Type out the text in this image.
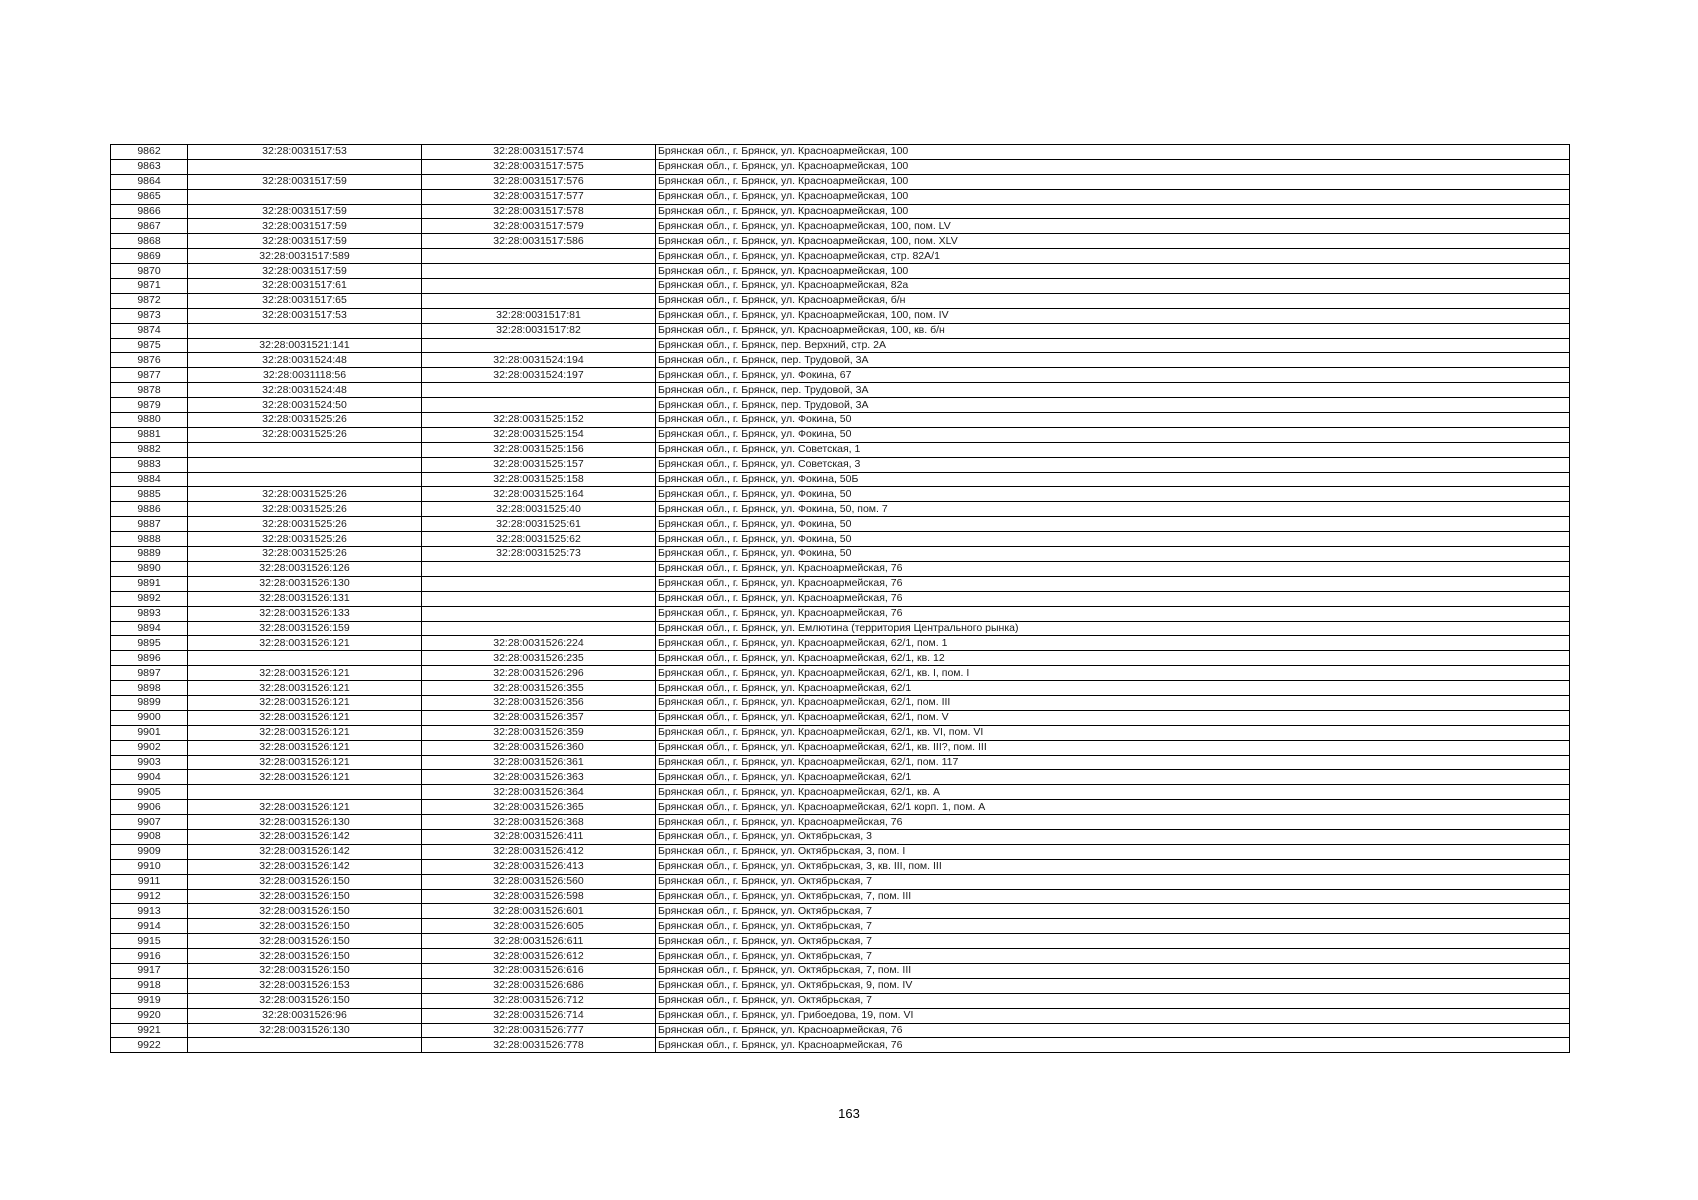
9862	32:28:0031517:53	32:28:0031517:574	Брянская обл., г. Брянск, ул. Красноармейская, 100
9863		32:28:0031517:575	Брянская обл., г. Брянск, ул. Красноармейская, 100
9864	32:28:0031517:59	32:28:0031517:576	Брянская обл., г. Брянск, ул. Красноармейская, 100
9865		32:28:0031517:577	Брянская обл., г. Брянск, ул. Красноармейская, 100
9866	32:28:0031517:59	32:28:0031517:578	Брянская обл., г. Брянск, ул. Красноармейская, 100
9867	32:28:0031517:59	32:28:0031517:579	Брянская обл., г. Брянск, ул. Красноармейская, 100, пом. LV
9868	32:28:0031517:59	32:28:0031517:586	Брянская обл., г. Брянск, ул. Красноармейская, 100, пом. XLV
9869	32:28:0031517:589		Брянская обл., г. Брянск, ул. Красноармейская, стр. 82А/1
9870	32:28:0031517:59		Брянская обл., г. Брянск, ул. Красноармейская, 100
9871	32:28:0031517:61		Брянская обл., г. Брянск, ул. Красноармейская, 82а
9872	32:28:0031517:65		Брянская обл., г. Брянск, ул. Красноармейская, б/н
9873	32:28:0031517:53	32:28:0031517:81	Брянская обл., г. Брянск, ул. Красноармейская, 100, пом. IV
9874		32:28:0031517:82	Брянская обл., г. Брянск, ул. Красноармейская, 100, кв. б/н
9875	32:28:0031521:141		Брянская обл., г. Брянск, пер. Верхний, стр. 2А
9876	32:28:0031524:48	32:28:0031524:194	Брянская обл., г. Брянск, пер. Трудовой, 3А
9877	32:28:0031118:56	32:28:0031524:197	Брянская обл., г. Брянск, ул. Фокина, 67
9878	32:28:0031524:48		Брянская обл., г. Брянск, пер. Трудовой, 3А
9879	32:28:0031524:50		Брянская обл., г. Брянск, пер. Трудовой, 3А
9880	32:28:0031525:26	32:28:0031525:152	Брянская обл., г. Брянск, ул. Фокина, 50
9881	32:28:0031525:26	32:28:0031525:154	Брянская обл., г. Брянск, ул. Фокина, 50
9882		32:28:0031525:156	Брянская обл., г. Брянск, ул. Советская, 1
9883		32:28:0031525:157	Брянская обл., г. Брянск, ул. Советская, 3
9884		32:28:0031525:158	Брянская обл., г. Брянск, ул. Фокина, 50Б
9885	32:28:0031525:26	32:28:0031525:164	Брянская обл., г. Брянск, ул. Фокина, 50
9886	32:28:0031525:26	32:28:0031525:40	Брянская обл., г. Брянск, ул. Фокина, 50, пом. 7
9887	32:28:0031525:26	32:28:0031525:61	Брянская обл., г. Брянск, ул. Фокина, 50
9888	32:28:0031525:26	32:28:0031525:62	Брянская обл., г. Брянск, ул. Фокина, 50
9889	32:28:0031525:26	32:28:0031525:73	Брянская обл., г. Брянск, ул. Фокина, 50
9890	32:28:0031526:126		Брянская обл., г. Брянск, ул. Красноармейская, 76
9891	32:28:0031526:130		Брянская обл., г. Брянск, ул. Красноармейская, 76
9892	32:28:0031526:131		Брянская обл., г. Брянск, ул. Красноармейская, 76
9893	32:28:0031526:133		Брянская обл., г. Брянск, ул. Красноармейская, 76
9894	32:28:0031526:159		Брянская обл., г. Брянск, ул. Емлютина (территория Центрального рынка)
9895	32:28:0031526:121	32:28:0031526:224	Брянская обл., г. Брянск, ул. Красноармейская, 62/1, пом. 1
9896		32:28:0031526:235	Брянская обл., г. Брянск, ул. Красноармейская, 62/1, кв. 12
9897	32:28:0031526:121	32:28:0031526:296	Брянская обл., г. Брянск, ул. Красноармейская, 62/1, кв. I, пом. I
9898	32:28:0031526:121	32:28:0031526:355	Брянская обл., г. Брянск, ул. Красноармейская, 62/1
9899	32:28:0031526:121	32:28:0031526:356	Брянская обл., г. Брянск, ул. Красноармейская, 62/1, пом. III
9900	32:28:0031526:121	32:28:0031526:357	Брянская обл., г. Брянск, ул. Красноармейская, 62/1, пом. V
9901	32:28:0031526:121	32:28:0031526:359	Брянская обл., г. Брянск, ул. Красноармейская, 62/1, кв. VI, пом. VI
9902	32:28:0031526:121	32:28:0031526:360	Брянская обл., г. Брянск, ул. Красноармейская, 62/1, кв. III?, пом. III
9903	32:28:0031526:121	32:28:0031526:361	Брянская обл., г. Брянск, ул. Красноармейская, 62/1, пом. 117
9904	32:28:0031526:121	32:28:0031526:363	Брянская обл., г. Брянск, ул. Красноармейская, 62/1
9905		32:28:0031526:364	Брянская обл., г. Брянск, ул. Красноармейская, 62/1, кв. А
9906	32:28:0031526:121	32:28:0031526:365	Брянская обл., г. Брянск, ул. Красноармейская, 62/1 корп. 1, пом. А
9907	32:28:0031526:130	32:28:0031526:368	Брянская обл., г. Брянск, ул. Красноармейская, 76
9908	32:28:0031526:142	32:28:0031526:411	Брянская обл., г. Брянск, ул. Октябрьская, 3
9909	32:28:0031526:142	32:28:0031526:412	Брянская обл., г. Брянск, ул. Октябрьская, 3, пом. I
9910	32:28:0031526:142	32:28:0031526:413	Брянская обл., г. Брянск, ул. Октябрьская, 3, кв. III, пом. III
9911	32:28:0031526:150	32:28:0031526:560	Брянская обл., г. Брянск, ул. Октябрьская, 7
9912	32:28:0031526:150	32:28:0031526:598	Брянская обл., г. Брянск, ул. Октябрьская, 7, пом. III
9913	32:28:0031526:150	32:28:0031526:601	Брянская обл., г. Брянск, ул. Октябрьская, 7
9914	32:28:0031526:150	32:28:0031526:605	Брянская обл., г. Брянск, ул. Октябрьская, 7
9915	32:28:0031526:150	32:28:0031526:611	Брянская обл., г. Брянск, ул. Октябрьская, 7
9916	32:28:0031526:150	32:28:0031526:612	Брянская обл., г. Брянск, ул. Октябрьская, 7
9917	32:28:0031526:150	32:28:0031526:616	Брянская обл., г. Брянск, ул. Октябрьская, 7, пом. III
9918	32:28:0031526:153	32:28:0031526:686	Брянская обл., г. Брянск, ул. Октябрьская, 9, пом. IV
9919	32:28:0031526:150	32:28:0031526:712	Брянская обл., г. Брянск, ул. Октябрьская, 7
9920	32:28:0031526:96	32:28:0031526:714	Брянская обл., г. Брянск, ул. Грибоедова, 19, пом. VI
9921	32:28:0031526:130	32:28:0031526:777	Брянская обл., г. Брянск, ул. Красноармейская, 76
9922		32:28:0031526:778	Брянская обл., г. Брянск, ул. Красноармейская, 76
163
